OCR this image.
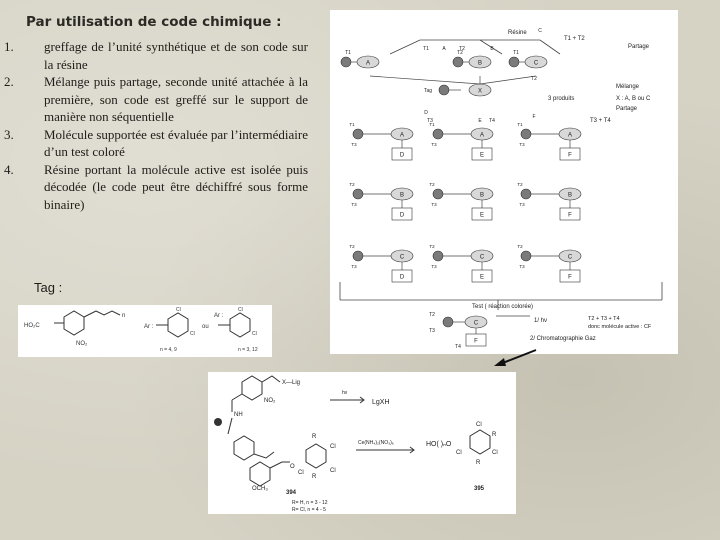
Par utilisation de code chimique :
1. greffage de l’unité synthétique et de son code sur la résine
2. Mélange puis partage, seconde unité attachée à la première, son code est greffé sur le support de manière non séquentielle
3. Molécule supportée est évaluée par l’intermédiaire d’un test coloré
4. Résine portant la molécule active est isolée puis décodée (le code peut être déchiffré sous forme binaire)
Tag :
HO₂C
NO₂
n
Ar :
Cl
Cl
ou
Ar :
Cl
Cl
n = 4, 9	n = 3, 12
A
T1
B
T2
C
T1
A	B
C
T1	T2
T2
Tag	X
D
T3	E T4
F
A
D
T3
T1
A
E
T3
T1
A
F
T3
T1
B
D
T3
T2
B
E
T3
T2
B
F
T3
T2
C
D
T3
T2
C
E
T3
T2
C
F
T3
T2
C
F
T2
T3
T4
Résine
Partage
T1 + T2
Mélange
3 produits	X : A, B ou C
Partage
T3 + T4
Test ( réaction colorée)
1/ hν	T2 + T3 + T4
donc molécule active : CF
2/ Chromatographie Gaz
X—Lig
NO₂
NH
OCH₃
hν
LgXH
Ce(NH₄)₂(NO₃)₆	HO( )ₙO
O
R
Cl
Cl
Cl
R
Cl
R
Cl
Cl
R
394
395
R= H, n = 3 - 12
R= Cl, n = 4 - 5
